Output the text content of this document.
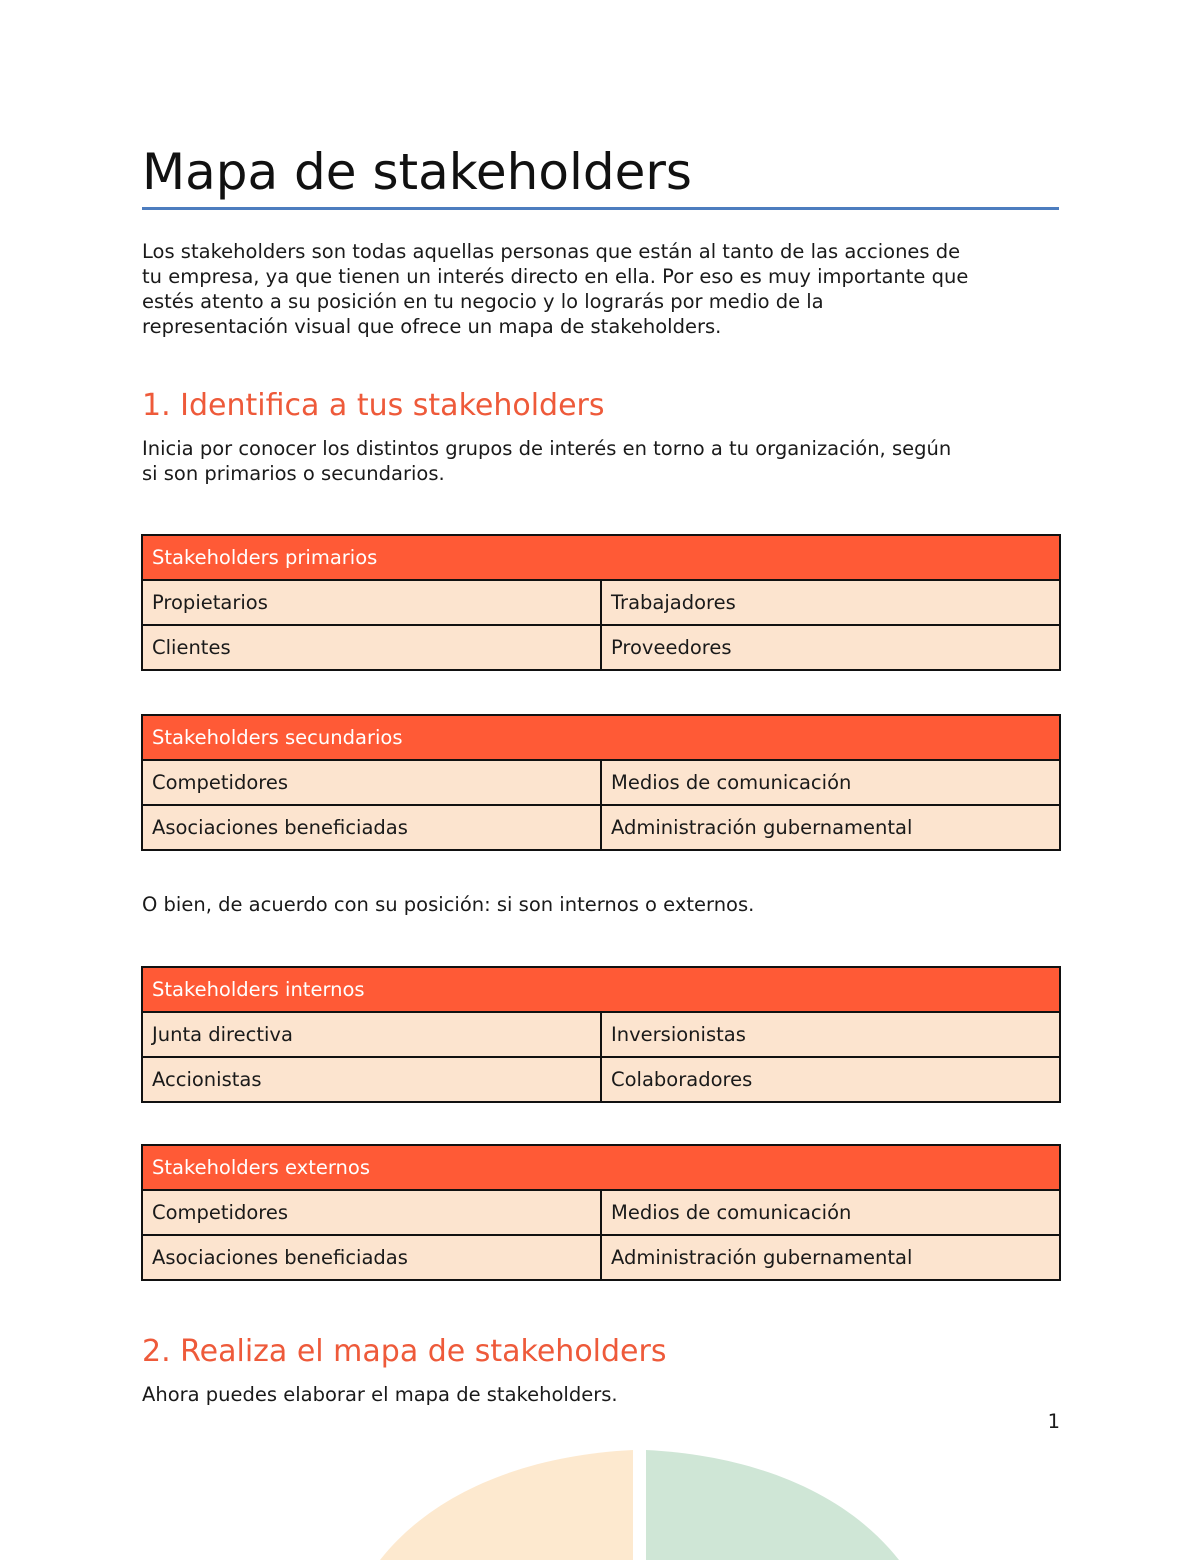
Mapa de stakeholders

Los stakeholders son todas aquellas personas que están al tanto de las acciones de
tu empresa, ya que tienen un interés directo en ella. Por eso es muy importante que
estés atento a su posición en tu negocio y lo lograrás por medio de la
representación visual que ofrece un mapa de stakeholders.

1. Identifica a tus stakeholders

Inicia por conocer los distintos grupos de interés en torno a tu organización, según
si son primarios o secundarios.

Stakeholders primarios	
Propietarios	Trabajadores
Clientes	Proveedores
Stakeholders secundarios	
Competidores	Medios de comunicación
Asociaciones beneficiadas	Administración gubernamental

O bien, de acuerdo con su posición: si son internos o externos.

Stakeholders internos	
Junta directiva	Inversionistas
Accionistas	Colaboradores
Stakeholders externos	
Competidores	Medios de comunicación
Asociaciones beneficiadas	Administración gubernamental
2. Realiza el mapa de stakeholders

Ahora puedes elaborar el mapa de stakeholders.

1
